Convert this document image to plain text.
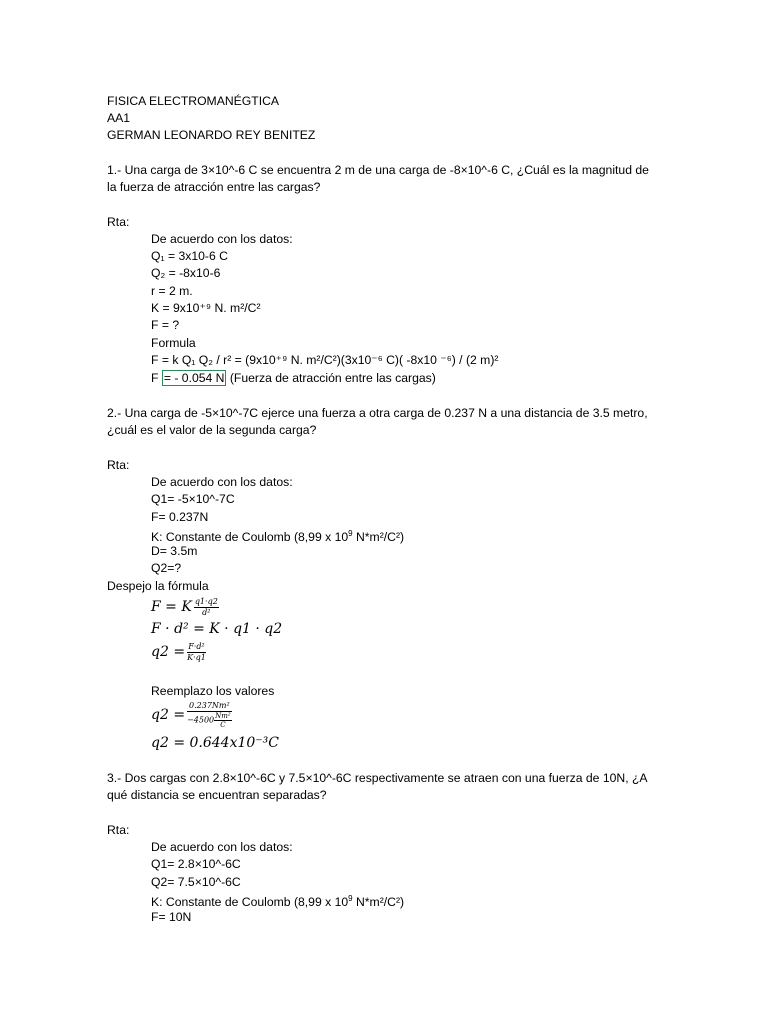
FISICA ELECTROMANÉGTICA
AA1
GERMAN LEONARDO REY BENITEZ
1.- Una carga de 3×10^-6 C se encuentra 2 m de una carga de -8×10^-6 C, ¿Cuál es la magnitud de
la fuerza de atracción entre las cargas?
Rta:
De acuerdo con los datos:
Q₁ = 3x10-6 C
Q₂ = -8x10-6
r = 2 m.
K = 9x10⁺⁹ N. m²/C²
F = ?
Formula
F = k Q₁ Q₂ / r² = (9x10⁺⁹ N. m²/C²)(3x10⁻⁶ C)( -8x10 ⁻⁶) / (2 m)²
F = - 0.054 N (Fuerza de atracción entre las cargas)
2.- Una carga de -5×10^-7C ejerce una fuerza a otra carga de 0.237 N a una distancia de 3.5 metro,
¿cuál es el valor de la segunda carga?
Rta:
De acuerdo con los datos:
Q1= -5×10^-7C
F= 0.237N
K: Constante de Coulomb (8,99 x $10^9$ N*m²/C²)
D= 3.5m
Q2=?
Despejo la fórmula
F = K $\frac{q1\cdot q2}{\text{d²}}$
F · d² = K · q1 · q2
$q2 = \frac{\text{F·d²}}{K\cdot q1}$
Reemplazo los valores
$q2 = \frac{\text{0.237Nm²}}{-4500 \frac{\text{Nm²}}{C}}$
q2 = 0.644x10⁻³C
3.- Dos cargas con 2.8×10^-6C y 7.5×10^-6C respectivamente se atraen con una fuerza de 10N, ¿A
qué distancia se encuentran separadas?
Rta:
De acuerdo con los datos:
Q1= 2.8×10^-6C
Q2= 7.5×10^-6C
K: Constante de Coulomb (8,99 x $10^9$ N*m²/C²)
F= 10N
